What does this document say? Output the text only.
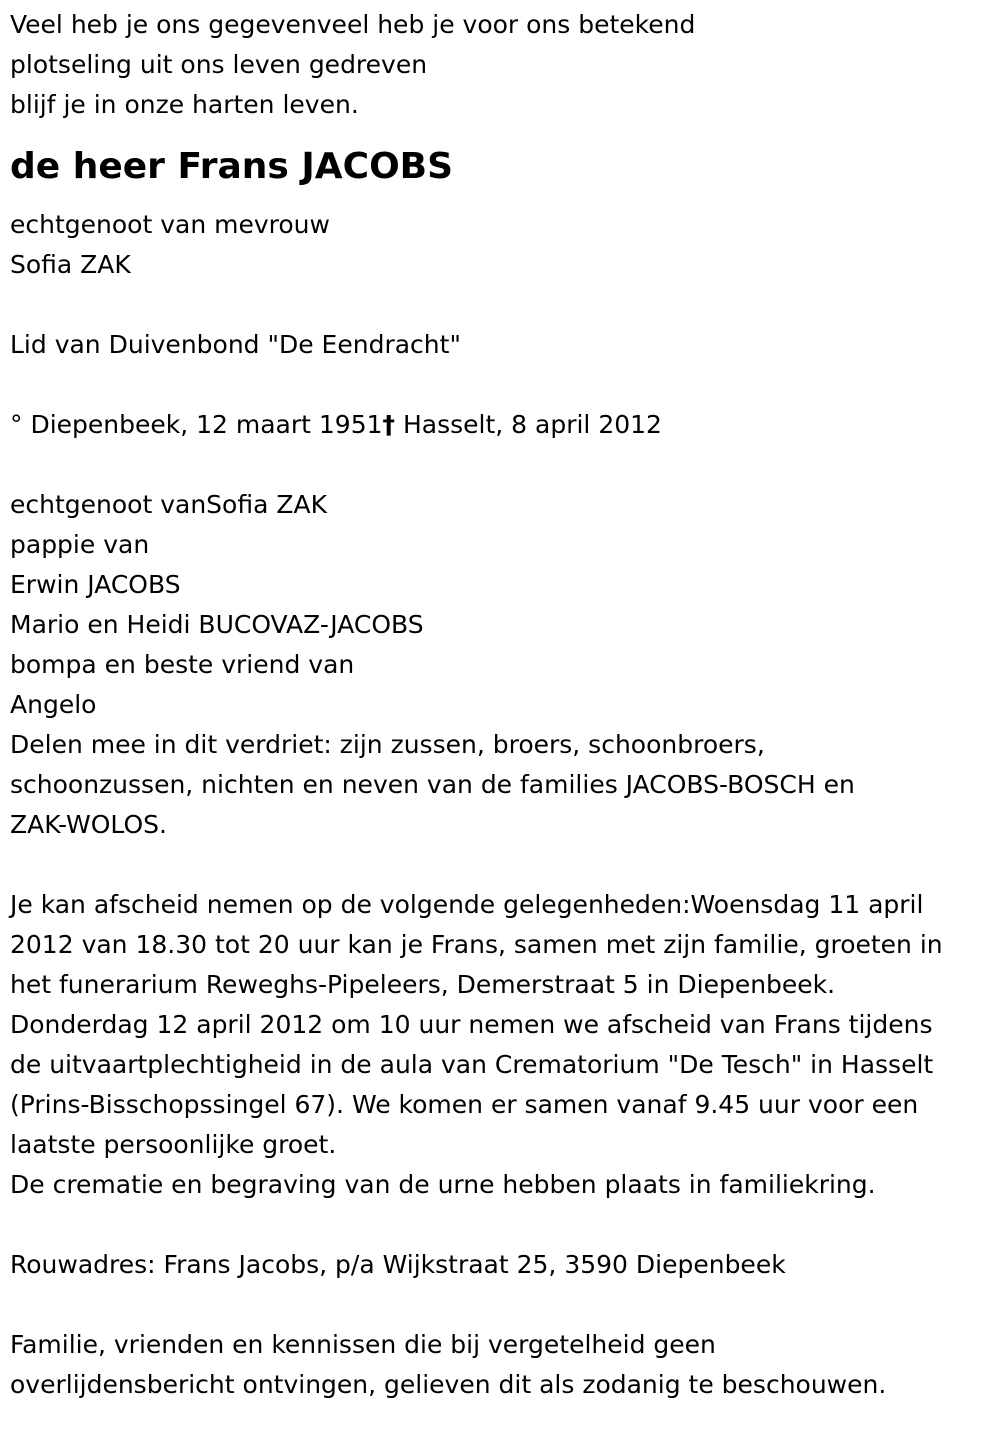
Veel heb je ons gegevenveel heb je voor ons betekend
plotseling uit ons leven gedreven
blijf je in onze harten leven.
de heer Frans JACOBS
echtgenoot van mevrouw
Sofia ZAK
Lid van Duivenbond "De Eendracht"
° Diepenbeek, 12 maart 1951† Hasselt, 8 april 2012
echtgenoot vanSofia ZAK
pappie van
Erwin JACOBS
Mario en Heidi BUCOVAZ-JACOBS
bompa en beste vriend van
Angelo
Delen mee in dit verdriet: zijn zussen, broers, schoonbroers,
schoonzussen, nichten en neven van de families JACOBS-BOSCH en
ZAK-WOLOS.
Je kan afscheid nemen op de volgende gelegenheden:Woensdag 11 april
2012 van 18.30 tot 20 uur kan je Frans, samen met zijn familie, groeten in
het funerarium Reweghs-Pipeleers, Demerstraat 5 in Diepenbeek.
Donderdag 12 april 2012 om 10 uur nemen we afscheid van Frans tijdens
de uitvaartplechtigheid in de aula van Crematorium "De Tesch" in Hasselt
(Prins-Bisschopssingel 67). We komen er samen vanaf 9.45 uur voor een
laatste persoonlijke groet.
De crematie en begraving van de urne hebben plaats in familiekring.
Rouwadres: Frans Jacobs, p/a Wijkstraat 25, 3590 Diepenbeek
Familie, vrienden en kennissen die bij vergetelheid geen
overlijdensbericht ontvingen, gelieven dit als zodanig te beschouwen.
